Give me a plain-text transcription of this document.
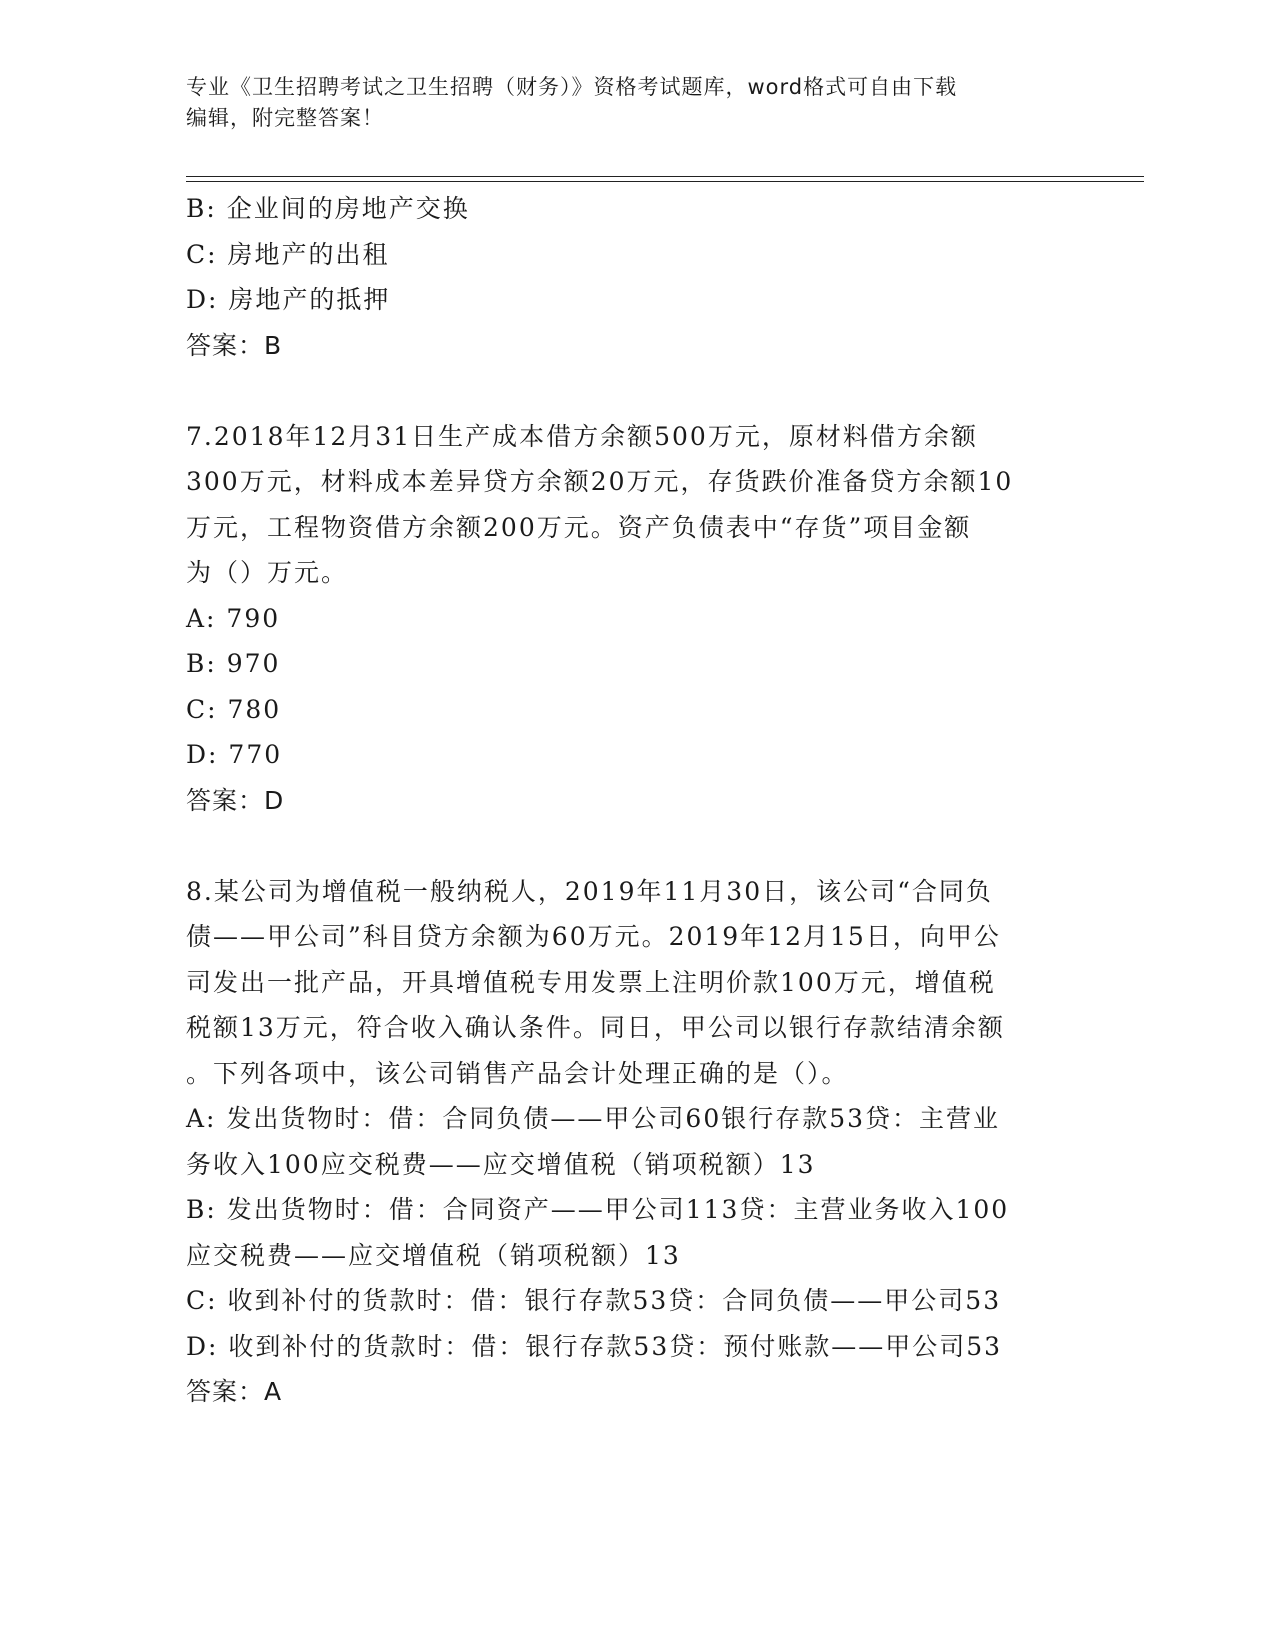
专业《卫生招聘考试之卫生招聘（财务）》资格考试题库，word格式可自由下载
编辑，附完整答案！
B: 企业间的房地产交换
C: 房地产的出租
D: 房地产的抵押
答案：B
7.2018年12月31日生产成本借方余额500万元，原材料借方余额
300万元，材料成本差异贷方余额20万元，存货跌价准备贷方余额10
万元，工程物资借方余额200万元。资产负债表中“存货”项目金额
为（）万元。
A: 790
B: 970
C: 780
D: 770
答案：D
8.某公司为增值税一般纳税人，2019年11月30日，该公司“合同负
债——甲公司”科目贷方余额为60万元。2019年12月15日，向甲公
司发出一批产品，开具增值税专用发票上注明价款100万元，增值税
税额13万元，符合收入确认条件。同日，甲公司以银行存款结清余额
。下列各项中，该公司销售产品会计处理正确的是（）。
A: 发出货物时：借：合同负债——甲公司60银行存款53贷：主营业
务收入100应交税费——应交增值税（销项税额）13
B: 发出货物时：借：合同资产——甲公司113贷：主营业务收入100
应交税费——应交增值税（销项税额）13
C: 收到补付的货款时：借：银行存款53贷：合同负债——甲公司53
D: 收到补付的货款时：借：银行存款53贷：预付账款——甲公司53
答案：A
